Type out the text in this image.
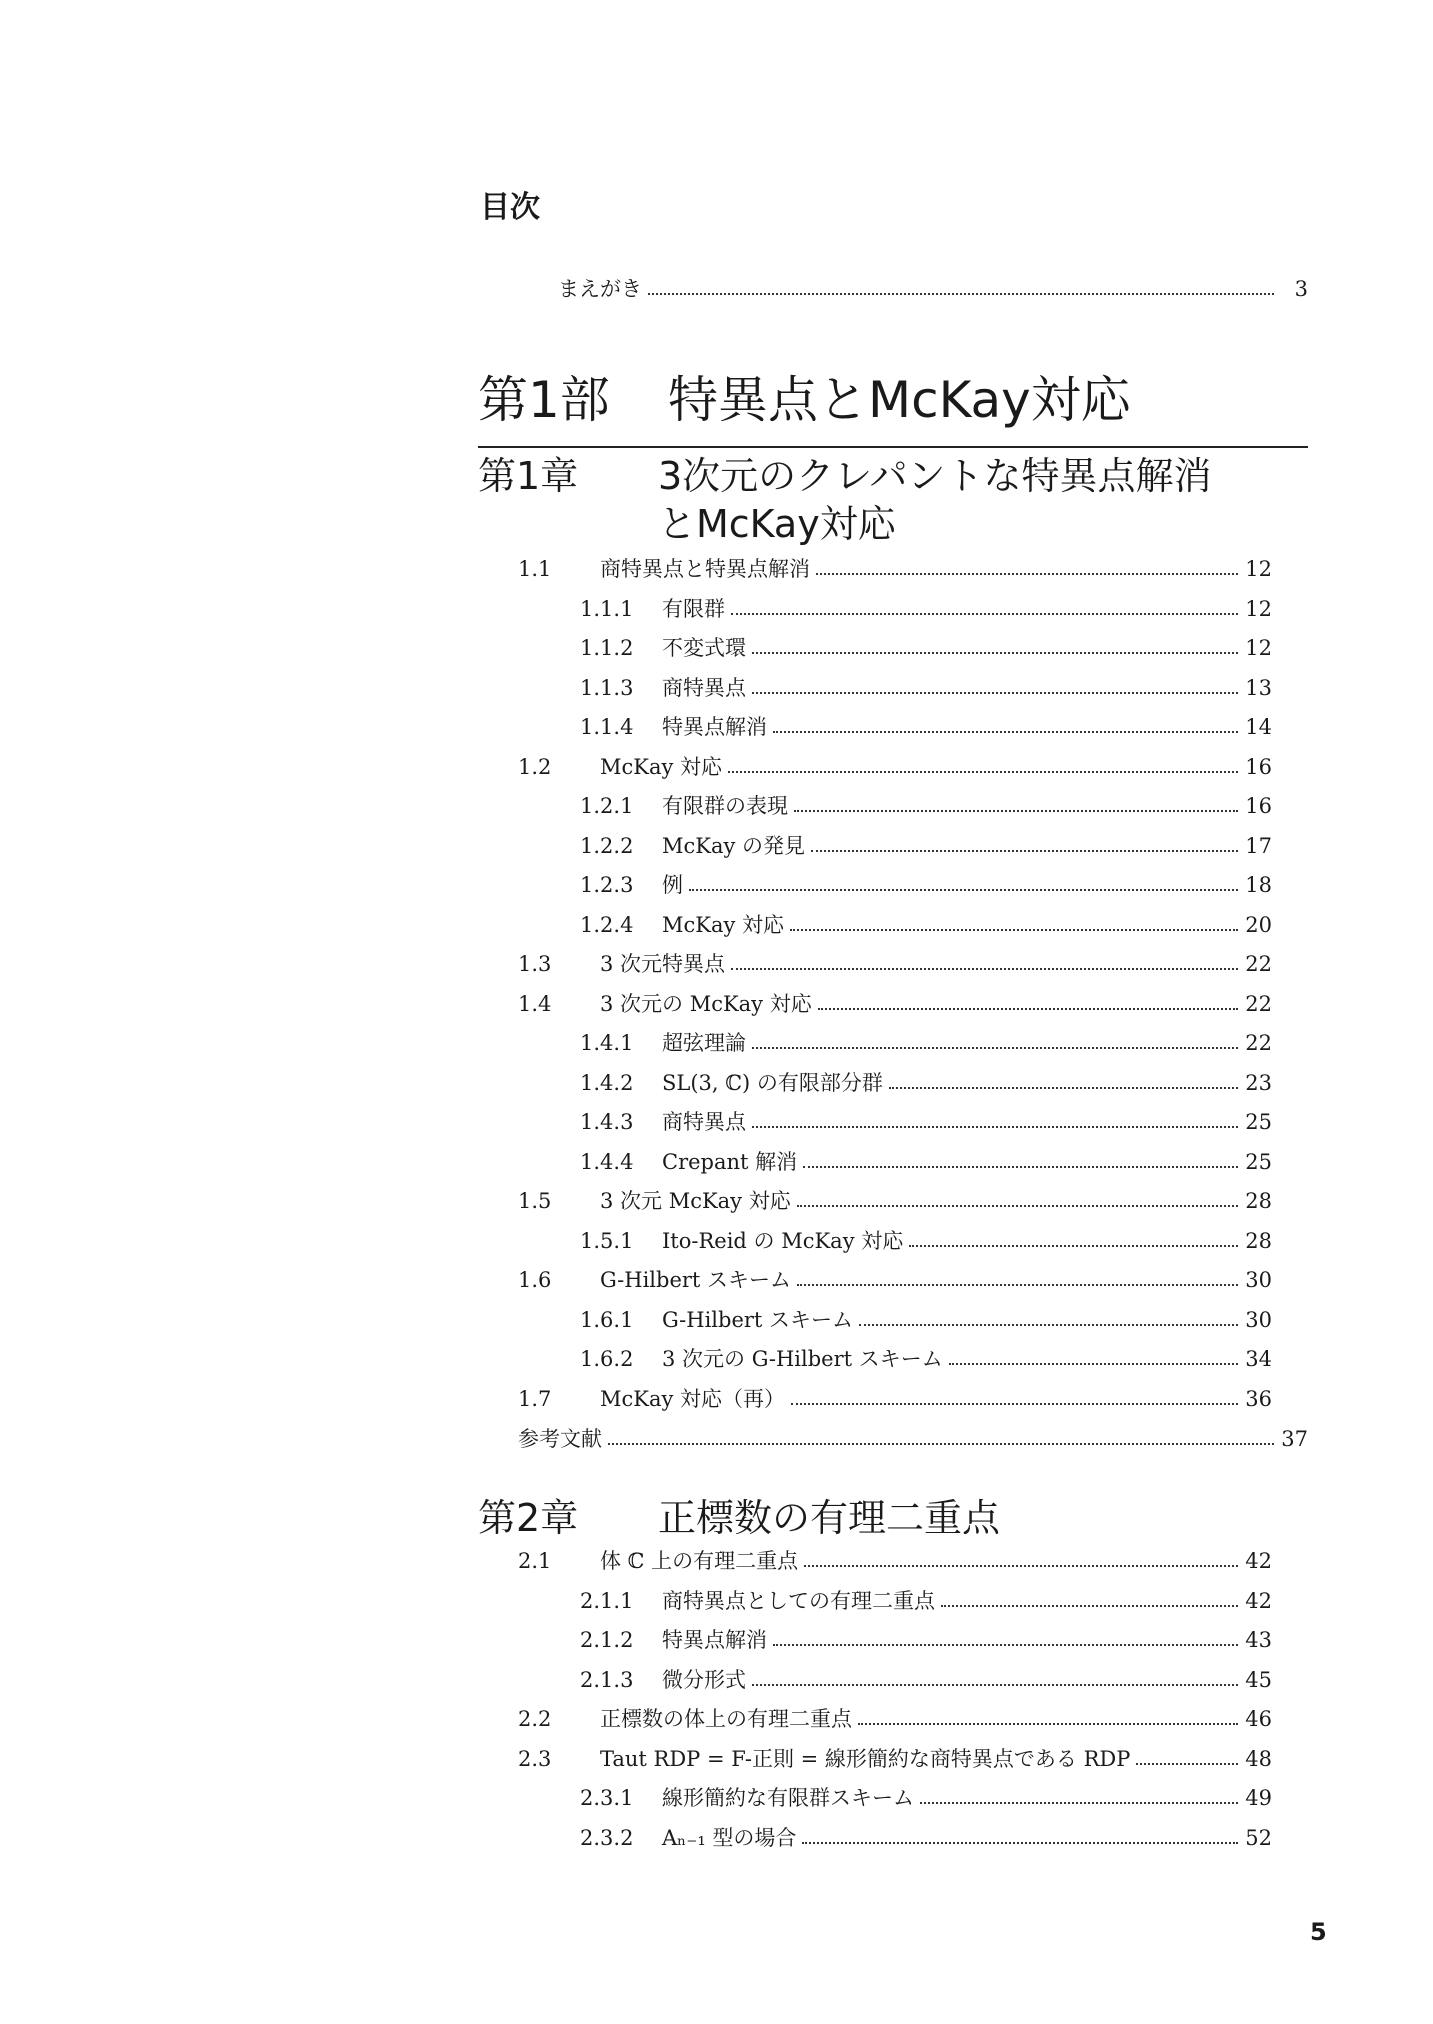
目次
まえがき	3
第1部 特異点とMcKay対応
第1章 3次元のクレパントな特異点解消
とMcKay対応
1.1	商特異点と特異点解消	12
1.1.1	有限群	12
1.1.2	不変式環	12
1.1.3	商特異点	13
1.1.4	特異点解消	14
1.2	McKay 対応	16
1.2.1	有限群の表現	16
1.2.2	McKay の発見	17
1.2.3	例	18
1.2.4	McKay 対応	20
1.3	3 次元特異点	22
1.4	3 次元の McKay 対応	22
1.4.1	超弦理論	22
1.4.2	SL(3, ℂ) の有限部分群	23
1.4.3	商特異点	25
1.4.4	Crepant 解消	25
1.5	3 次元 McKay 対応	28
1.5.1	Ito-Reid の McKay 対応	28
1.6	G-Hilbert スキーム	30
1.6.1	G-Hilbert スキーム	30
1.6.2	3 次元の G-Hilbert スキーム	34
1.7	McKay 対応（再）	36
参考文献	37
第2章 正標数の有理二重点
2.1	体 ℂ 上の有理二重点	42
2.1.1	商特異点としての有理二重点	42
2.1.2	特異点解消	43
2.1.3	微分形式	45
2.2	正標数の体上の有理二重点	46
2.3	Taut RDP = F-正則 = 線形簡約な商特異点である RDP	48
2.3.1	線形簡約な有限群スキーム	49
2.3.2	Aₙ₋₁ 型の場合	52
5
